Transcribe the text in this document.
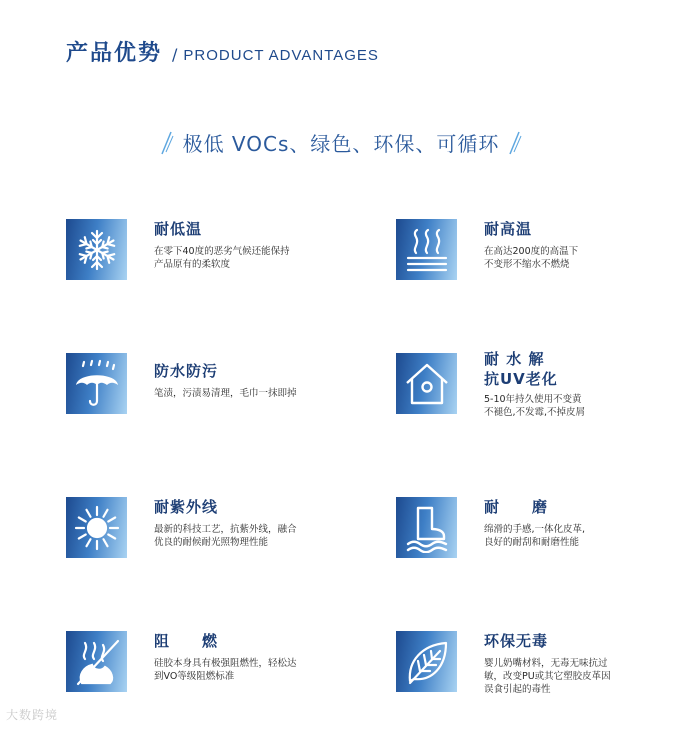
产品优势 / PRODUCT ADVANTAGES
极低 VOCs、绿色、环保、可循环
耐低温
在零下40度的恶劣气候还能保持
产品原有的柔软度
耐高温
在高达200度的高温下
不变形不缩水不燃烧
防水防污
笔渍，污渍易清理，毛巾一抹即掉
耐 水 解
抗UV老化
5-10年持久使用不变黄
不褪色,不发霉,不掉皮屑
耐紫外线
最新的科技工艺，抗紫外线，融合
优良的耐候耐光照物理性能
耐　　磨
绵滑的手感,一体化皮革,
良好的耐刮和耐磨性能
阻　　燃
硅胶本身具有极强阻燃性，轻松达
到VO等级阻燃标准
环保无毒
婴儿奶嘴材料，无毒无味抗过
敏，改变PU或其它塑胶皮革因
误食引起的毒性
大数跨境
